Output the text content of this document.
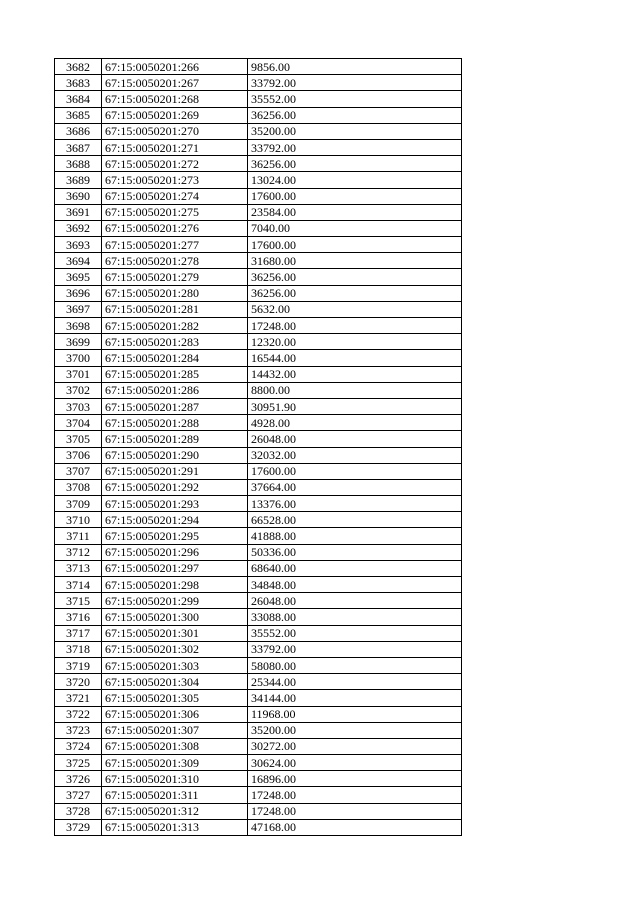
3682	67:15:0050201:266	9856.00
3683	67:15:0050201:267	33792.00
3684	67:15:0050201:268	35552.00
3685	67:15:0050201:269	36256.00
3686	67:15:0050201:270	35200.00
3687	67:15:0050201:271	33792.00
3688	67:15:0050201:272	36256.00
3689	67:15:0050201:273	13024.00
3690	67:15:0050201:274	17600.00
3691	67:15:0050201:275	23584.00
3692	67:15:0050201:276	7040.00
3693	67:15:0050201:277	17600.00
3694	67:15:0050201:278	31680.00
3695	67:15:0050201:279	36256.00
3696	67:15:0050201:280	36256.00
3697	67:15:0050201:281	5632.00
3698	67:15:0050201:282	17248.00
3699	67:15:0050201:283	12320.00
3700	67:15:0050201:284	16544.00
3701	67:15:0050201:285	14432.00
3702	67:15:0050201:286	8800.00
3703	67:15:0050201:287	30951.90
3704	67:15:0050201:288	4928.00
3705	67:15:0050201:289	26048.00
3706	67:15:0050201:290	32032.00
3707	67:15:0050201:291	17600.00
3708	67:15:0050201:292	37664.00
3709	67:15:0050201:293	13376.00
3710	67:15:0050201:294	66528.00
3711	67:15:0050201:295	41888.00
3712	67:15:0050201:296	50336.00
3713	67:15:0050201:297	68640.00
3714	67:15:0050201:298	34848.00
3715	67:15:0050201:299	26048.00
3716	67:15:0050201:300	33088.00
3717	67:15:0050201:301	35552.00
3718	67:15:0050201:302	33792.00
3719	67:15:0050201:303	58080.00
3720	67:15:0050201:304	25344.00
3721	67:15:0050201:305	34144.00
3722	67:15:0050201:306	11968.00
3723	67:15:0050201:307	35200.00
3724	67:15:0050201:308	30272.00
3725	67:15:0050201:309	30624.00
3726	67:15:0050201:310	16896.00
3727	67:15:0050201:311	17248.00
3728	67:15:0050201:312	17248.00
3729	67:15:0050201:313	47168.00
